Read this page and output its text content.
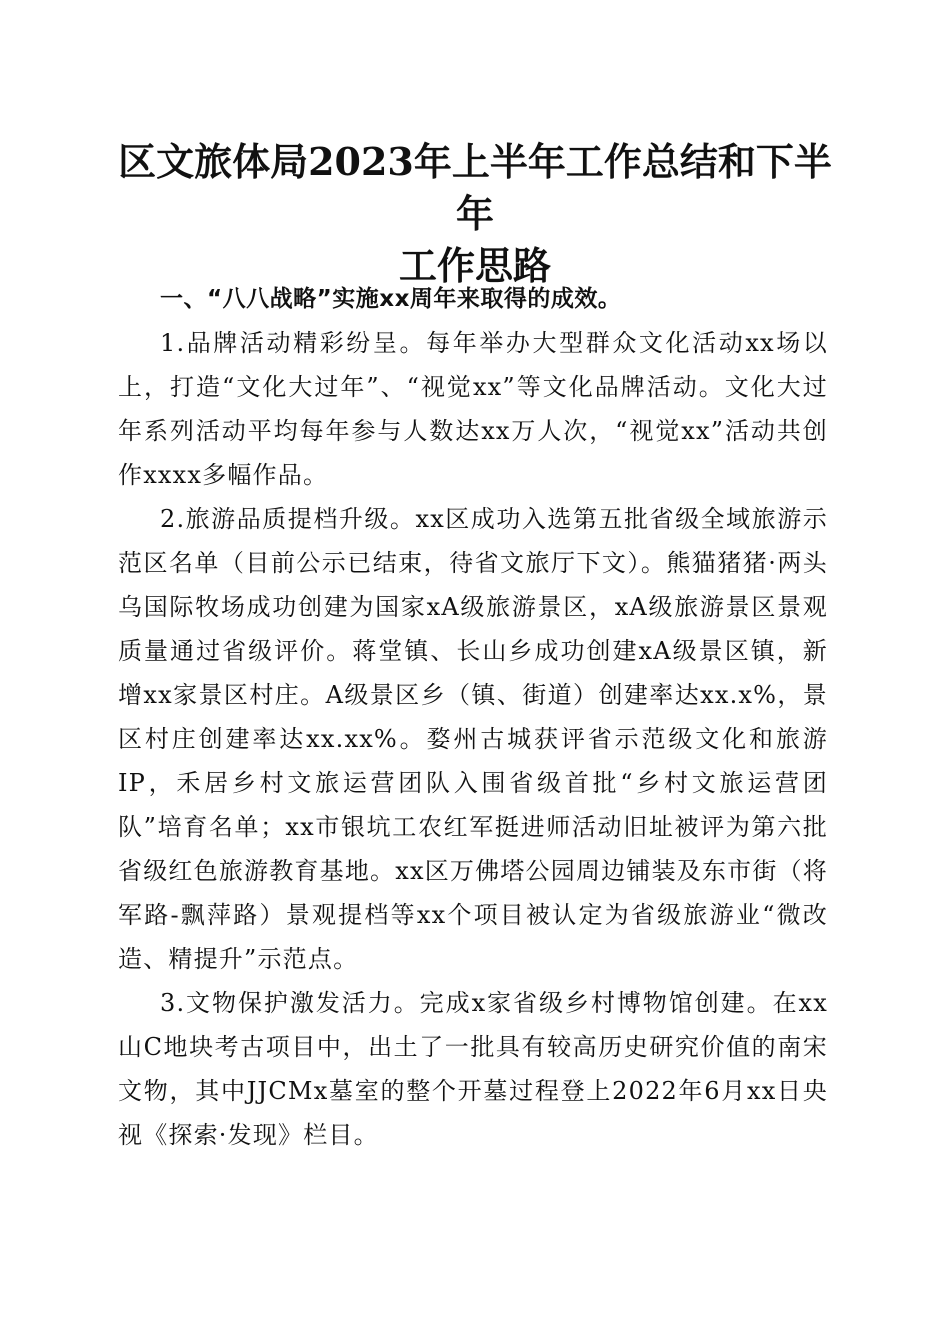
区文旅体局2023年上半年工作总结和下半年
工作思路

一、“八八战略”实施xx周年来取得的成效。

1.品牌活动精彩纷呈。每年举办大型群众文化活动xx场以上，打造“文化大过年”、“视觉xx”等文化品牌活动。文化大过年系列活动平均每年参与人数达xx万人次，“视觉xx”活动共创作xxxx多幅作品。

2.旅游品质提档升级。xx区成功入选第五批省级全域旅游示范区名单（目前公示已结束，待省文旅厅下文）。熊猫猪猪·两头乌国际牧场成功创建为国家xA级旅游景区，xA级旅游景区景观质量通过省级评价。蒋堂镇、长山乡成功创建xA级景区镇，新增xx家景区村庄。A级景区乡（镇、街道）创建率达xx.x%，景区村庄创建率达xx.xx%。婺州古城获评省示范级文化和旅游IP，禾居乡村文旅运营团队入围省级首批“乡村文旅运营团队”培育名单；xx市银坑工农红军挺进师活动旧址被评为第六批省级红色旅游教育基地。xx区万佛塔公园周边铺装及东市街（将军路-飘萍路）景观提档等xx个项目被认定为省级旅游业“微改造、精提升”示范点。

3.文物保护激发活力。完成x家省级乡村博物馆创建。在xx山C地块考古项目中，出土了一批具有较高历史研究价值的南宋文物，其中JJCMx墓室的整个开墓过程登上2022年6月xx日央视《探索·发现》栏目。
